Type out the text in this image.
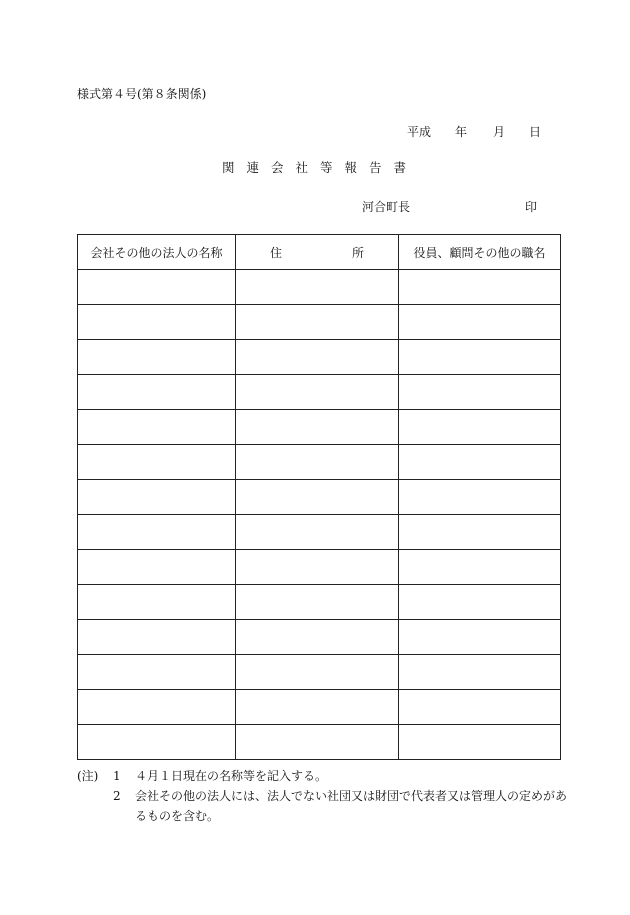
様式第４号(第８条関係)
平成	年	月	日
関連会社等報告書
河合町長	印
会社その他の法人の名称	住 所	役員、顧問その他の職名

(注)	1	４月１日現在の名称等を記入する。
2	会社その他の法人には、法人でない社団又は財団で代表者又は管理人の定めがあ
るものを含む。
